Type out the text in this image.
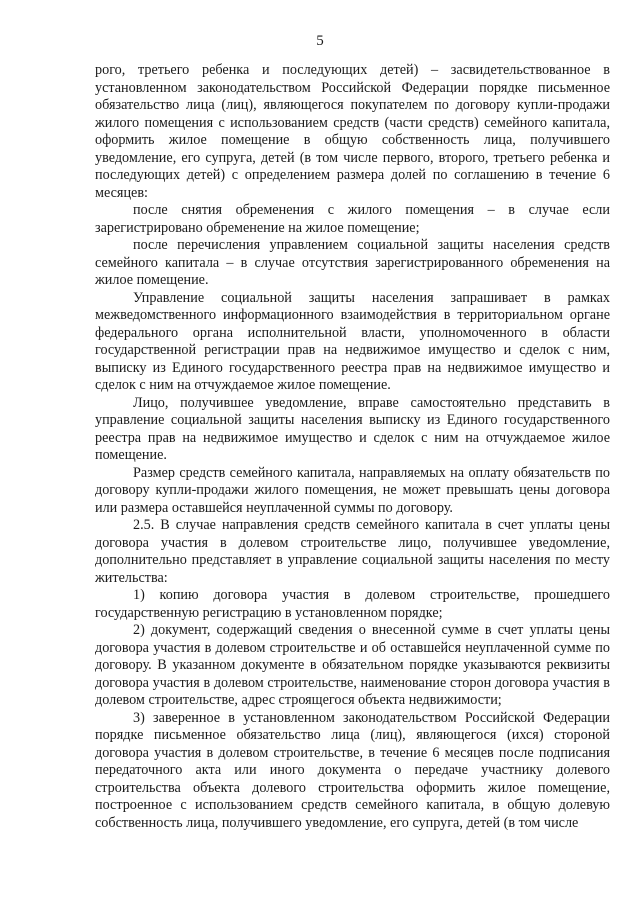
5

рого, третьего ребенка и последующих детей) – засвидетельствованное в установленном законодательством Российской Федерации порядке письменное обязательство лица (лиц), являющегося покупателем по договору купли-продажи жилого помещения с использованием средств (части средств) семейного капитала, оформить жилое помещение в общую собственность лица, получившего уведомление, его супруга, детей (в том числе первого, второго, третьего ребенка и последующих детей) с определением размера долей по соглашению в течение 6 месяцев:

после снятия обременения с жилого помещения – в случае если зарегистрировано обременение на жилое помещение;

после перечисления управлением социальной защиты населения средств семейного капитала – в случае отсутствия зарегистрированного обременения на жилое помещение.

Управление социальной защиты населения запрашивает в рамках межведомственного информационного взаимодействия в территориальном органе федерального органа исполнительной власти, уполномоченного в области государственной регистрации прав на недвижимое имущество и сделок с ним, выписку из Единого государственного реестра прав на недвижимое имущество и сделок с ним на отчуждаемое жилое помещение.

Лицо, получившее уведомление, вправе самостоятельно представить в управление социальной защиты населения выписку из Единого государственного реестра прав на недвижимое имущество и сделок с ним на отчуждаемое жилое помещение.

Размер средств семейного капитала, направляемых на оплату обязательств по договору купли-продажи жилого помещения, не может превышать цены договора или размера оставшейся неуплаченной суммы по договору.

2.5. В случае направления средств семейного капитала в счет уплаты цены договора участия в долевом строительстве лицо, получившее уведомление, дополнительно представляет в управление социальной защиты населения по месту жительства:

1) копию договора участия в долевом строительстве, прошедшего государственную регистрацию в установленном порядке;

2) документ, содержащий сведения о внесенной сумме в счет уплаты цены договора участия в долевом строительстве и об оставшейся неуплаченной сумме по договору. В указанном документе в обязательном порядке указываются реквизиты договора участия в долевом строительстве, наименование сторон договора участия в долевом строительстве, адрес строящегося объекта недвижимости;

3) заверенное в установленном законодательством Российской Федерации порядке письменное обязательство лица (лиц), являющегося (ихся) стороной договора участия в долевом строительстве, в течение 6 месяцев после подписания передаточного акта или иного документа о передаче участнику долевого строительства объекта долевого строительства оформить жилое помещение, построенное с использованием средств семейного капитала, в общую долевую собственность лица, получившего уведомление, его супруга, детей (в том числе
